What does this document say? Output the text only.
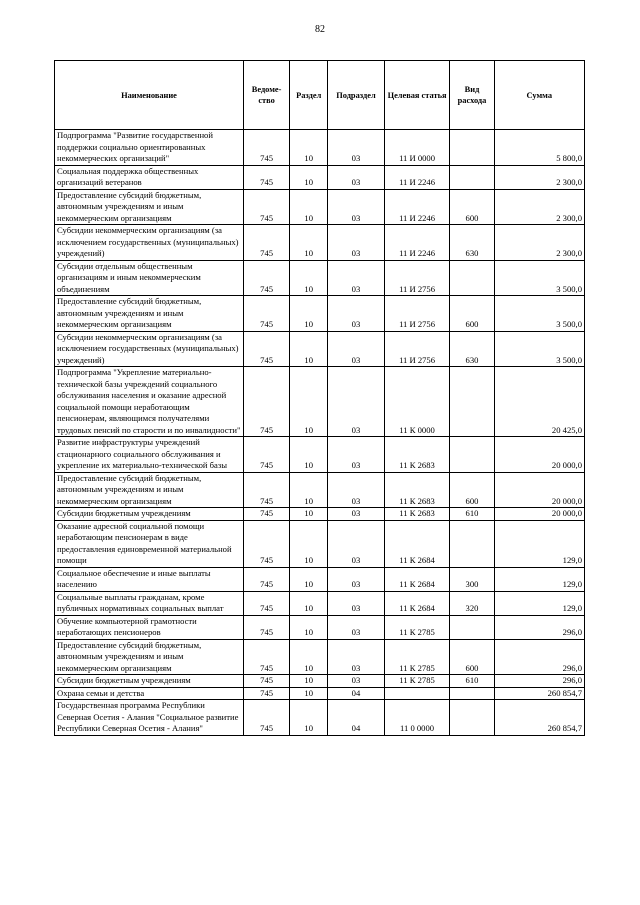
82
Наименование	Ведоме-ство	Раздел	Подраздел	Целевая статья	Вид расхода	Сумма
Подпрограмма "Развитие государственной поддержки социально ориентированных некоммерческих организаций"	745	10	03	11 И 0000		5 800,0
Социальная поддержка общественных организаций ветеранов	745	10	03	11 И 2246		2 300,0
Предоставление субсидий бюджетным, автономным учреждениям и иным некоммерческим организациям	745	10	03	11 И 2246	600	2 300,0
Субсидии некоммерческим организациям (за исключением государственных (муниципальных) учреждений)	745	10	03	11 И 2246	630	2 300,0
Субсидии отдельным общественным организациям и иным некоммерческим объединениям	745	10	03	11 И 2756		3 500,0
Предоставление субсидий бюджетным, автономным учреждениям и иным некоммерческим организациям	745	10	03	11 И 2756	600	3 500,0
Субсидии некоммерческим организациям (за исключением государственных (муниципальных) учреждений)	745	10	03	11 И 2756	630	3 500,0
Подпрограмма "Укрепление материально-технической базы учреждений социального обслуживания населения и оказание адресной социальной помощи неработающим пенсионерам, являющимся получателями трудовых пенсий по старости и по инвалидности"	745	10	03	11 К 0000		20 425,0
Развитие инфраструктуры учреждений стационарного социального обслуживания и укрепление их материально-технической базы	745	10	03	11 К 2683		20 000,0
Предоставление субсидий бюджетным, автономным учреждениям и иным некоммерческим организациям	745	10	03	11 К 2683	600	20 000,0
Субсидии бюджетным учреждениям	745	10	03	11 К 2683	610	20 000,0
Оказание адресной социальной помощи неработающим пенсионерам в виде предоставления единовременной материальной помощи	745	10	03	11 К 2684		129,0
Социальное обеспечение и иные выплаты населению	745	10	03	11 К 2684	300	129,0
Социальные выплаты гражданам, кроме публичных нормативных социальных выплат	745	10	03	11 К 2684	320	129,0
Обучение компьютерной грамотности неработающих пенсионеров	745	10	03	11 К 2785		296,0
Предоставление субсидий бюджетным, автономным учреждениям и иным некоммерческим организациям	745	10	03	11 К 2785	600	296,0
Субсидии бюджетным учреждениям	745	10	03	11 К 2785	610	296,0
Охрана семьи и детства	745	10	04			260 854,7
Государственная программа Республики Северная Осетия - Алания "Социальное развитие Республики Северная Осетия - Алания"	745	10	04	11 0 0000		260 854,7
